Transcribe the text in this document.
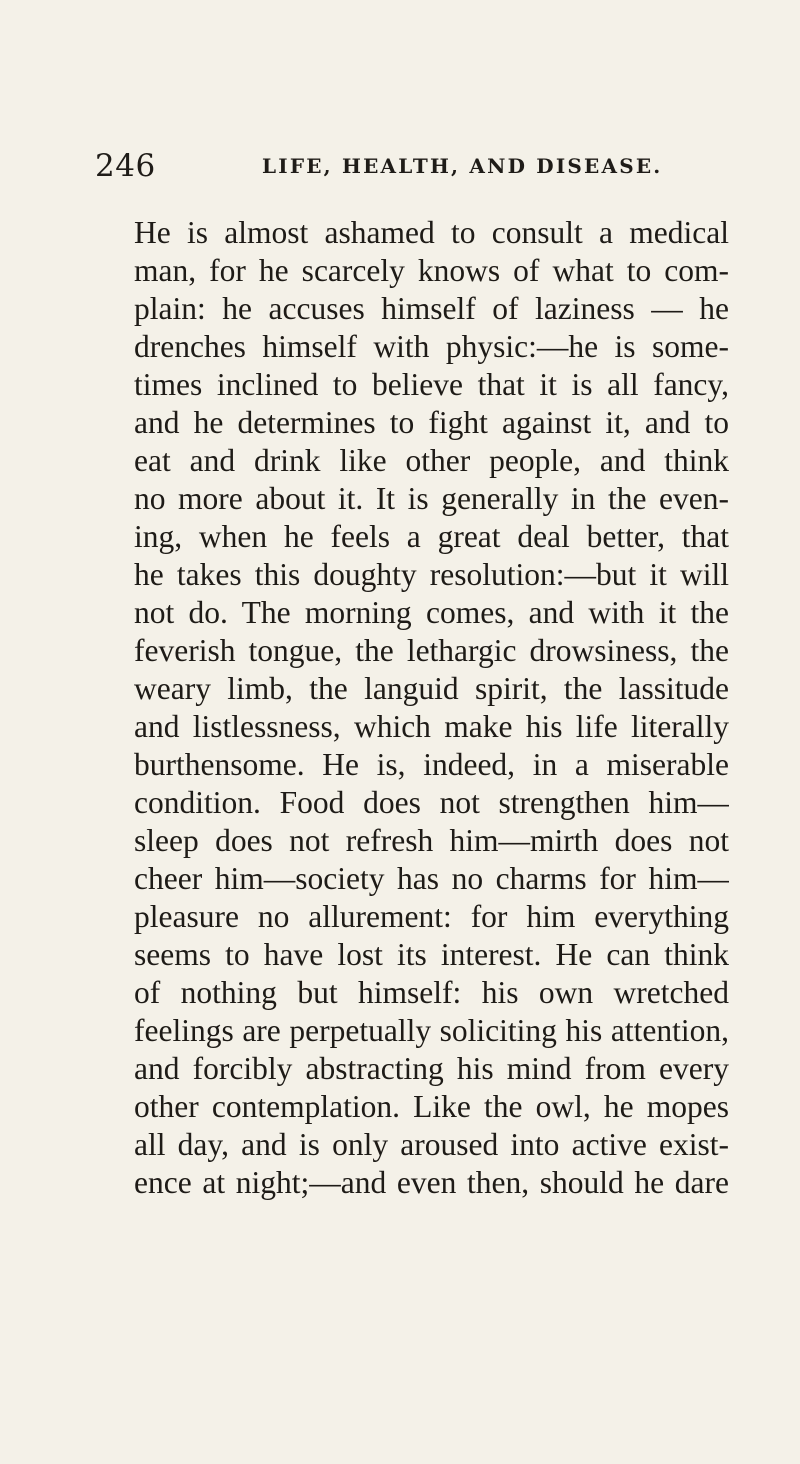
246	LIFE, HEALTH, AND DISEASE.
He is almost ashamed to consult a medical
man, for he scarcely knows of what to com-
plain: he accuses himself of laziness — he
drenches himself with physic:—he is some-
times inclined to believe that it is all fancy,
and he determines to fight against it, and to
eat and drink like other people, and think
no more about it. It is generally in the even-
ing, when he feels a great deal better, that
he takes this doughty resolution:—but it will
not do. The morning comes, and with it the
feverish tongue, the lethargic drowsiness, the
weary limb, the languid spirit, the lassitude
and listlessness, which make his life literally
burthensome. He is, indeed, in a miserable
condition. Food does not strengthen him—
sleep does not refresh him—mirth does not
cheer him—society has no charms for him—
pleasure no allurement: for him everything
seems to have lost its interest. He can think
of nothing but himself: his own wretched
feelings are perpetually soliciting his attention,
and forcibly abstracting his mind from every
other contemplation. Like the owl, he mopes
all day, and is only aroused into active exist-
ence at night;—and even then, should he dare
